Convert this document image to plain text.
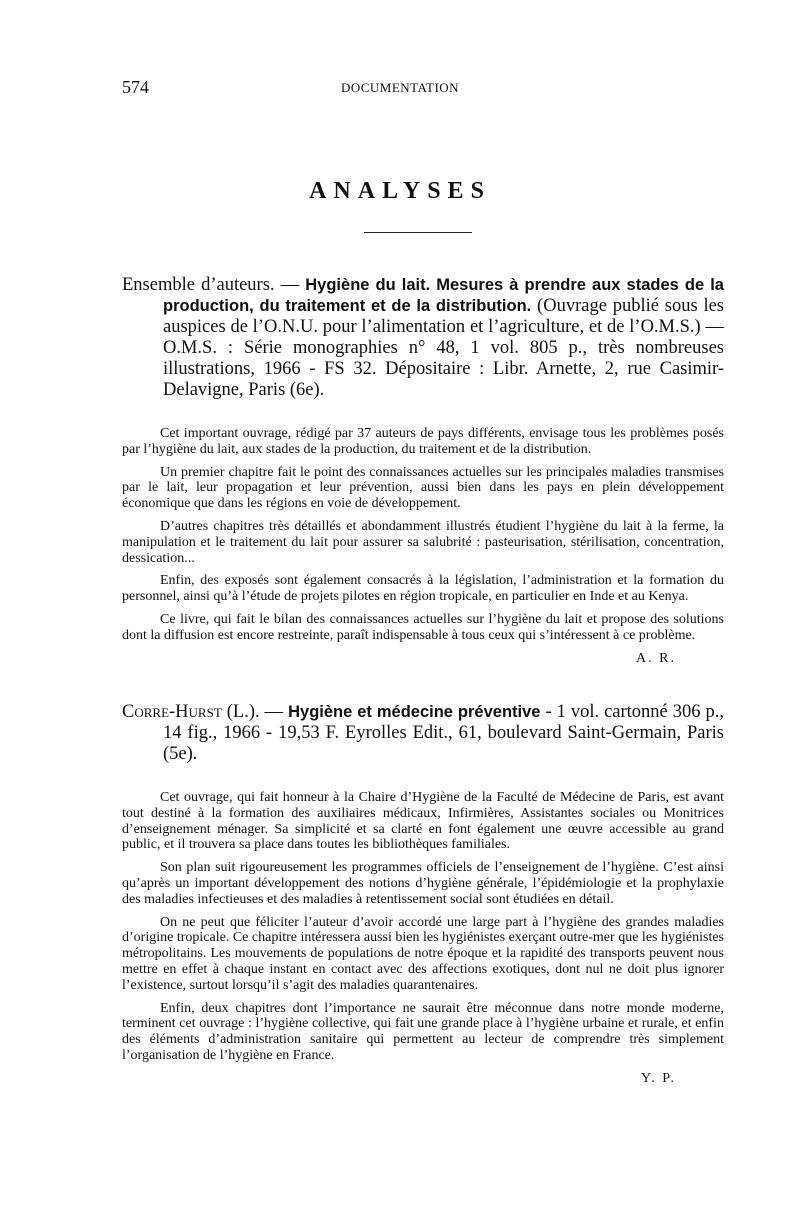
574	DOCUMENTATION
ANALYSES

Ensemble d’auteurs. — Hygiène du lait. Mesures à prendre aux stades de la production, du traitement et de la distribution. (Ouvrage publié sous les auspices de l’O.N.U. pour l’alimentation et l’agriculture, et de l’O.M.S.) — O.M.S. : Série monographies n° 48, 1 vol. 805 p., très nombreuses illustrations, 1966 - FS 32. Dépositaire : Libr. Arnette, 2, rue Casimir-Delavigne, Paris (6e).

Cet important ouvrage, rédigé par 37 auteurs de pays différents, envisage tous les problèmes posés par l’hygiène du lait, aux stades de la production, du traitement et de la distribution.

Un premier chapitre fait le point des connaissances actuelles sur les principales maladies transmises par le lait, leur propagation et leur prévention, aussi bien dans les pays en plein développement économique que dans les régions en voie de développement.

D’autres chapitres très détaillés et abondamment illustrés étudient l’hygiène du lait à la ferme, la manipulation et le traitement du lait pour assurer sa salubrité : pasteurisation, stérilisation, concentration, dessication...

Enfin, des exposés sont également consacrés à la législation, l’administration et la formation du personnel, ainsi qu’à l’étude de projets pilotes en région tropicale, en particulier en Inde et au Kenya.

Ce livre, qui fait le bilan des connaissances actuelles sur l’hygiène du lait et propose des solutions dont la diffusion est encore restreinte, paraît indispensable à tous ceux qui s’intéressent à ce problème.

A. R.

Corre-Hurst (L.). — Hygiène et médecine préventive - 1 vol. cartonné 306 p., 14 fig., 1966 - 19,53 F. Eyrolles Edit., 61, boulevard Saint-Germain, Paris (5e).

Cet ouvrage, qui fait honneur à la Chaire d’Hygiène de la Faculté de Médecine de Paris, est avant tout destiné à la formation des auxiliaires médicaux, Infirmières, Assistantes sociales ou Monitrices d’enseignement ménager. Sa simplicité et sa clarté en font également une œuvre accessible au grand public, et il trouvera sa place dans toutes les bibliothèques familiales.

Son plan suit rigoureusement les programmes officiels de l’enseignement de l’hygiène. C’est ainsi qu’après un important développement des notions d’hygiène générale, l’épidémiologie et la prophylaxie des maladies infectieuses et des maladies à retentissement social sont étudiées en détail.

On ne peut que féliciter l’auteur d’avoir accordé une large part à l’hygiène des grandes maladies d’origine tropicale. Ce chapitre intéressera aussi bien les hygiénistes exerçant outre-mer que les hygiénistes métropolitains. Les mouvements de populations de notre époque et la rapidité des transports peuvent nous mettre en effet à chaque instant en contact avec des affections exotiques, dont nul ne doit plus ignorer l’existence, surtout lorsqu’il s’agit des maladies quarantenaires.

Enfin, deux chapitres dont l’importance ne saurait être méconnue dans notre monde moderne, terminent cet ouvrage : l’hygiène collective, qui fait une grande place à l’hygiène urbaine et rurale, et enfin des éléments d’administration sanitaire qui permettent au lecteur de comprendre très simplement l’organisation de l’hygiène en France.

Y. P.
